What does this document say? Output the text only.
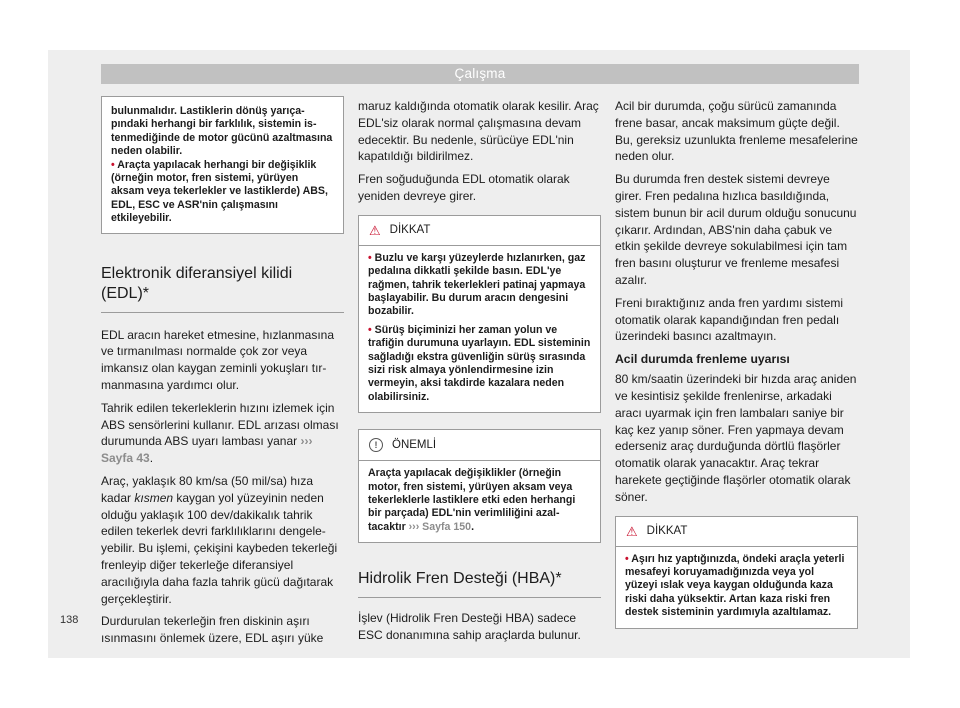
Çalışma

bulunmalıdır. Lastiklerin dönüş yarıçapındaki herhangi bir farklılık, sistemin istenmediğinde de motor gücünü azaltmasına neden olabilir.

• Araçta yapılacak herhangi bir değişiklik (örneğin motor, fren sistemi, yürüyen aksam veya tekerlekler ve lastiklerde) ABS, EDL, ESC ve ASR'nin çalışmasını etkileyebilir.

Elektronik diferansiyel kilidi (EDL)*

EDL aracın hareket etmesine, hızlanmasına ve tırmanılması normalde çok zor veya imkansız olan kaygan zeminli yokuşları tırmanmasına yardımcı olur.

Tahrik edilen tekerleklerin hızını izlemek için ABS sensörlerini kullanır. EDL arızası olması durumunda ABS uyarı lambası yanar ››› Sayfa 43.

Araç, yaklaşık 80 km/sa (50 mil/sa) hıza kadar kısmen kaygan yol yüzeyinin neden olduğu yaklaşık 100 dev/dakikalık tahrik edilen tekerlek devri farklılıklarını dengeleyebilir. Bu işlemi, çekişini kaybeden tekerleği frenleyip diğer tekerleğe diferansiyel aracılığıyla daha fazla tahrik gücü dağıtarak gerçekleştirir.

Durdurulan tekerleğin fren diskinin aşırı ısınmasını önlemek üzere, EDL aşırı yüke

maruz kaldığında otomatik olarak kesilir. Araç EDL'siz olarak normal çalışmasına devam edecektir. Bu nedenle, sürücüye EDL'nin kapatıldığı bildirilmez.

Fren soğuduğunda EDL otomatik olarak yeniden devreye girer.

⚠ DİKKAT

• Buzlu ve karşı yüzeylerde hızlanırken, gaz pedalına dikkatli şekilde basın. EDL'ye rağmen, tahrik tekerlekleri patinaj yapmaya başlayabilir. Bu durum aracın dengesini bozabilir.

• Sürüş biçiminizi her zaman yolun ve trafiğin durumuna uyarlayın. EDL sisteminin sağladığı ekstra güvenliğin sürüş sırasında sizi risk almaya yönlendirmesine izin vermeyin, aksi takdirde kazalara neden olabilirsiniz.

!	ÖNEMLİ

Araçta yapılacak değişiklikler (örneğin motor, fren sistemi, yürüyen aksam veya tekerleklerle lastiklere etki eden herhangi bir parçada) EDL'nin verimliliğini azaltacaktır ››› Sayfa 150.

Hidrolik Fren Desteği (HBA)*

İşlev (Hidrolik Fren Desteği HBA) sadece ESC donanımına sahip araçlarda bulunur.

Acil bir durumda, çoğu sürücü zamanında frene basar, ancak maksimum güçte değil. Bu, gereksiz uzunlukta frenleme mesafelerine neden olur.

Bu durumda fren destek sistemi devreye girer. Fren pedalına hızlıca basıldığında, sistem bunun bir acil durum olduğu sonucunu çıkarır. Ardından, ABS'nin daha çabuk ve etkin şekilde devreye sokulabilmesi için tam fren basını oluşturur ve frenleme mesafesi azalır.

Freni bıraktığınız anda fren yardımı sistemi otomatik olarak kapandığından fren pedalı üzerindeki basıncı azaltmayın.

Acil durumda frenleme uyarısı

80 km/saatin üzerindeki bir hızda araç aniden ve kesintisiz şekilde frenlenirse, arkadaki aracı uyarmak için fren lambaları saniye bir kaç kez yanıp söner. Fren yapmaya devam ederseniz araç durduğunda dörtlü flaşörler otomatik olarak yanacaktır. Araç tekrar harekete geçtiğinde flaşörler otomatik olarak söner.

⚠ DİKKAT

• Aşırı hız yaptığınızda, öndeki araçla yeterli mesafeyi koruyamadığınızda veya yol yüzeyi ıslak veya kaygan olduğunda kaza riski daha yüksektir. Artan kaza riski fren destek sisteminin yardımıyla azaltılamaz.

138
